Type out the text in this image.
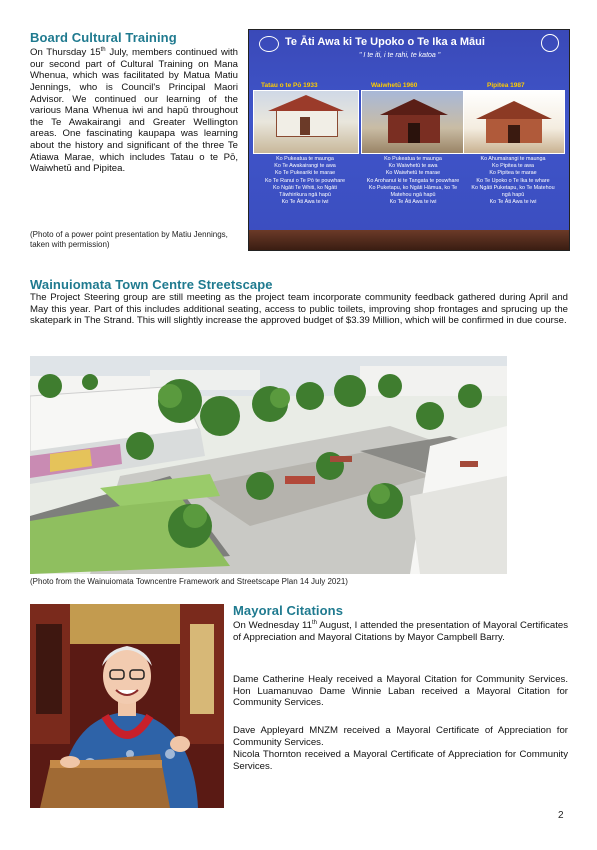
Board Cultural Training
On Thursday 15th July, members continued with our second part of Cultural Training on Mana Whenua, which was facilitated by Matua Matiu Jennings, who is Council's Principal Maori Advisor. We continued our learning of the various Mana Whenua iwi and hapū throughout the Te Awakairangi and Greater Wellington areas. One fascinating kaupapa was learning about the history and significant of the three Te Atiawa Marae, which includes Tatau o te Pō, Waiwhetū and Pipitea.
(Photo of a power point presentation by Matiu Jennings, taken with permission)
Te Āti Awa ki Te Upoko o Te Ika a Māui
" I te iti, i te rahi, te katoa "
Tatau o te Pō 1933	Waiwhetū 1960	Pipitea 1987
Ko Pukeatua te maunga
Ko Te Awakairangi te awa
Ko Te Pukeariki te marae
Ko Te Ranui o Te Pō te pouwhare
Ko Ngāti Te Whiti, ko Ngāti
Tāwhirikura ngā hapū
Ko Te Āti Awa te iwi
Ko Pukeatua te maunga
Ko Waiwhetū te awa
Ko Waiwhetū te marae
Ko Arohanui ki te Tangata te pouwhare
Ko Puketapu, ko Ngāti Hāmua, ko Te
Matehou ngā hapū
Ko Te Āti Awa te iwi
Ko Ahumairangi te maunga
Ko Pipitea te awa
Ko Pipitea te marae
Ko Te Upoko o Te Ika te whare
Ko Ngāti Puketapu, ko Te Matehou
ngā hapū
Ko Te Āti Awa te iwi
Wainuiomata Town Centre Streetscape
The Project Steering group are still meeting as the project team incorporate community feedback gathered during April and May this year. Part of this includes additional seating, access to public toilets, improving shop frontages and sprucing up the skatepark in The Strand. This will slightly increase the approved budget of $3.39 Million, which will be confirmed in due course.
(Photo from the Wainuiomata Towncentre Framework and Streetscape Plan 14 July 2021)
Mayoral Citations
On Wednesday 11th August, I attended the presentation of Mayoral Certificates of Appreciation and Mayoral Citations by Mayor Campbell Barry.
Dame Catherine Healy received a Mayoral Citation for Community Services. Hon Luamanuvao Dame Winnie Laban received a Mayoral Citation for Community Services.
Dave Appleyard MNZM received a Mayoral Certificate of Appreciation for Community Services.
Nicola Thornton received a Mayoral Certificate of Appreciation for Community Services.
2
